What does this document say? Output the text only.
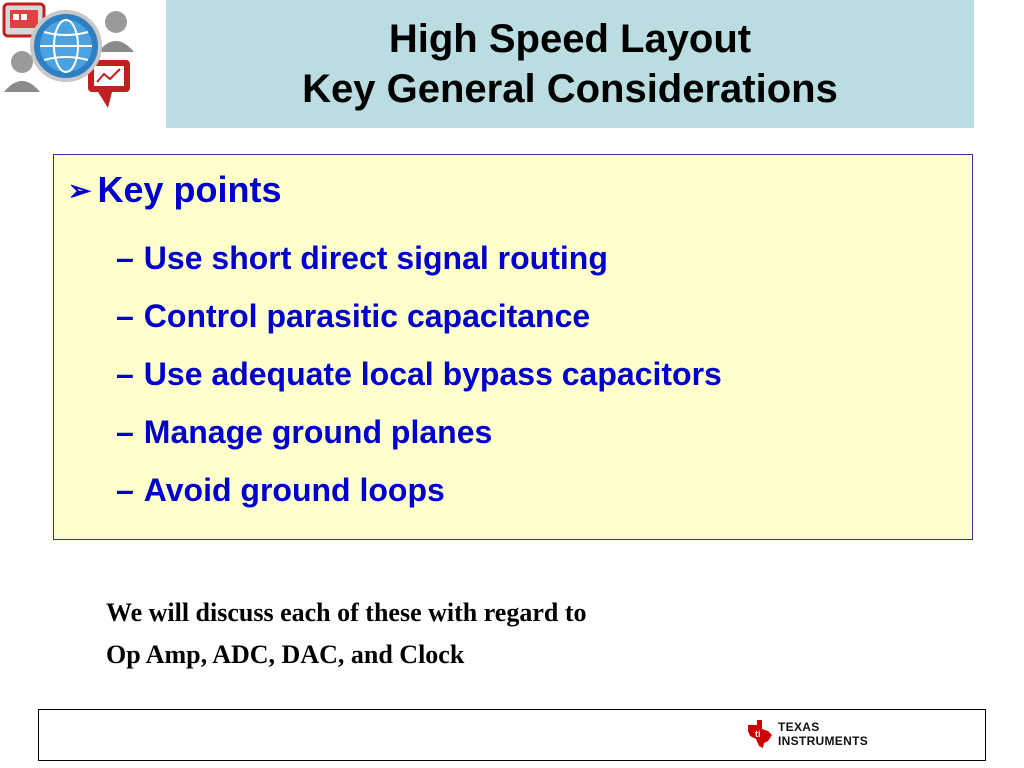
High Speed Layout
Key General Considerations
➢ Key points
– Use short direct signal routing
– Control parasitic capacitance
– Use adequate local bypass capacitors
– Manage ground planes
– Avoid ground loops
We will discuss each of these with regard to
Op Amp, ADC, DAC, and Clock
ti TEXAS
INSTRUMENTS
